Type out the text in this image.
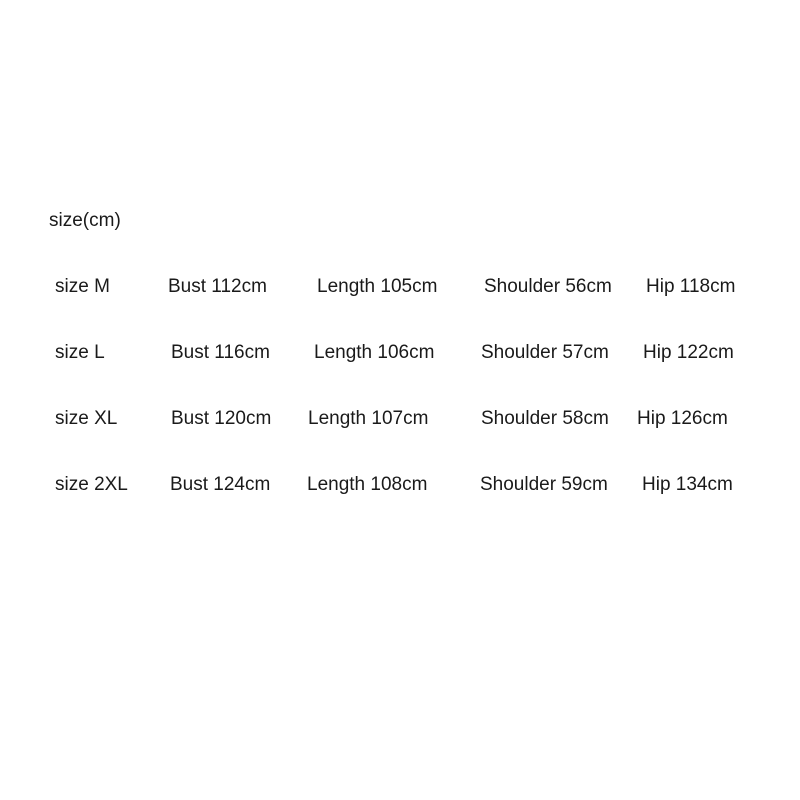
size(cm)
size M	Bust 112cm	Length 105cm Shoulder 56cm Hip 118cm
size L	Bust 116cm Length 106cm Shoulder 57cm Hip 122cm
size XL	Bust 120cm Length 107cm	Shoulder 58cm Hip 126cm
size 2XL Bust 124cm Length 108cm	Shoulder 59cm Hip 134cm
